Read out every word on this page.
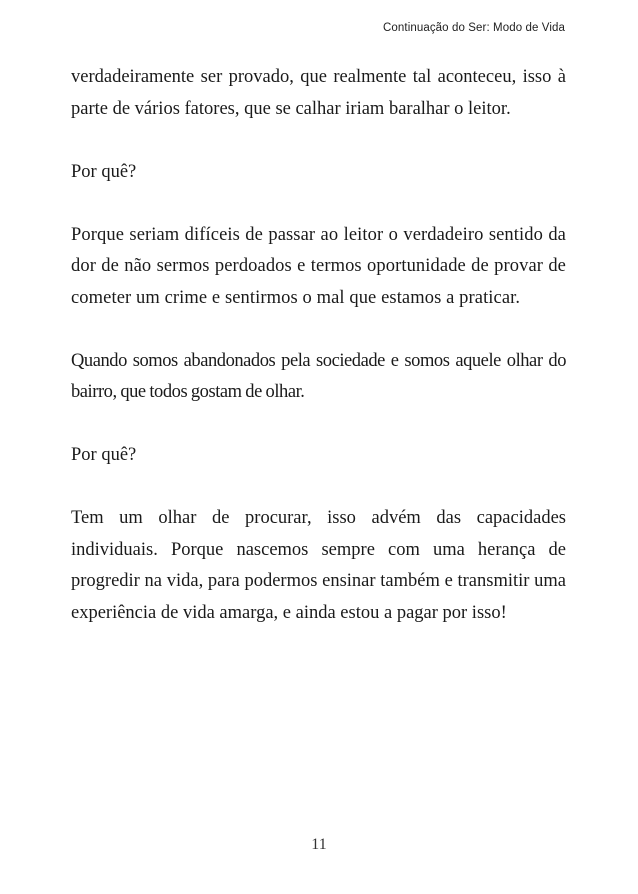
Continuação do Ser: Modo de Vida

verdadeiramente ser provado, que realmente tal aconteceu, isso à parte de vários fatores, que se calhar iriam baralhar o leitor.

Por quê?

Porque seriam difíceis de passar ao leitor o verdadeiro sentido da dor de não sermos perdoados e termos oportunidade de provar de cometer um crime e sentirmos o mal que estamos a praticar.

Quando somos abandonados pela sociedade e somos aquele olhar do bairro, que todos gostam de olhar.

Por quê?

Tem um olhar de procurar, isso advém das capacidades individuais. Porque nascemos sempre com uma herança de progredir na vida, para podermos ensinar também e transmitir uma experiência de vida amarga, e ainda estou a pagar por isso!

11
